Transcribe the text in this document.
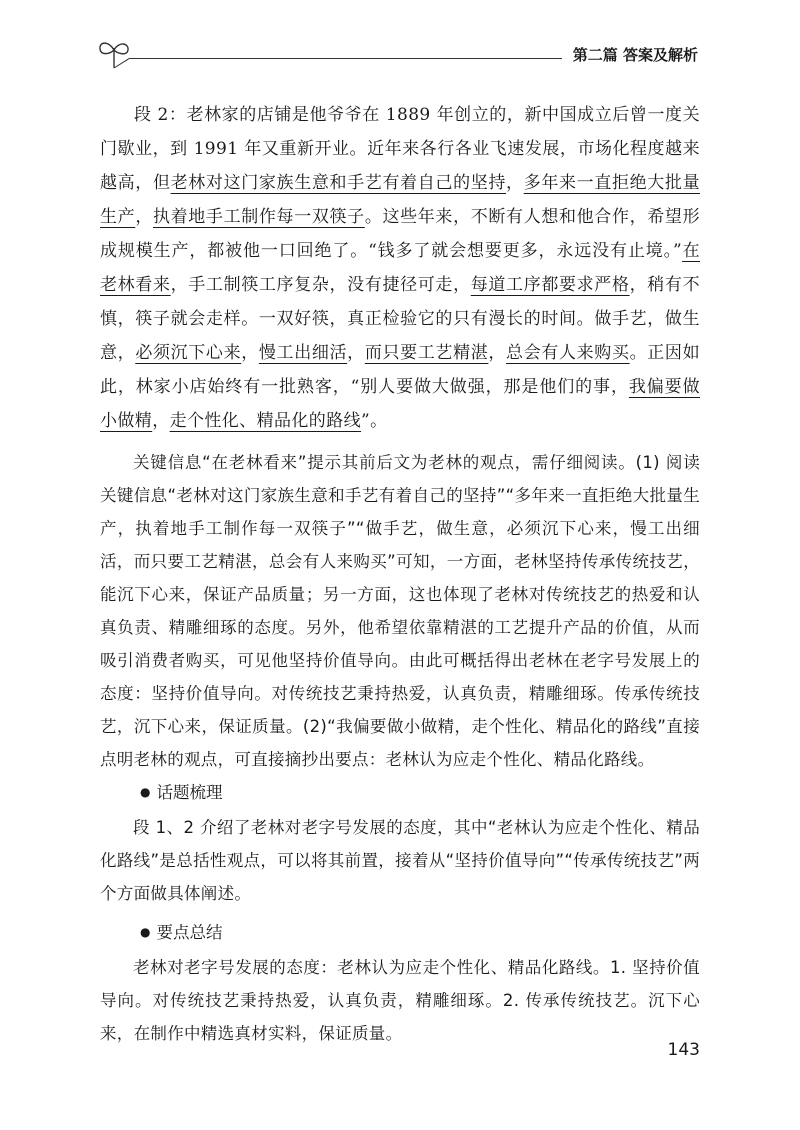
第二篇 答案及解析

段 2：老林家的店铺是他爷爷在 1889 年创立的，新中国成立后曾一度关门歇业，到 1991 年又重新开业。近年来各行各业飞速发展，市场化程度越来越高，但老林对这门家族生意和手艺有着自己的坚持，多年来一直拒绝大批量生产，执着地手工制作每一双筷子。这些年来，不断有人想和他合作，希望形成规模生产，都被他一口回绝了。“钱多了就会想要更多，永远没有止境。”在老林看来，手工制筷工序复杂，没有捷径可走，每道工序都要求严格，稍有不慎，筷子就会走样。一双好筷，真正检验它的只有漫长的时间。做手艺，做生意，必须沉下心来，慢工出细活，而只要工艺精湛，总会有人来购买。正因如此，林家小店始终有一批熟客，“别人要做大做强，那是他们的事，我偏要做小做精，走个性化、精品化的路线”。

关键信息“在老林看来”提示其前后文为老林的观点，需仔细阅读。(1) 阅读关键信息“老林对这门家族生意和手艺有着自己的坚持”“多年来一直拒绝大批量生产，执着地手工制作每一双筷子”“做手艺，做生意，必须沉下心来，慢工出细活，而只要工艺精湛，总会有人来购买”可知，一方面，老林坚持传承传统技艺，能沉下心来，保证产品质量；另一方面，这也体现了老林对传统技艺的热爱和认真负责、精雕细琢的态度。另外，他希望依靠精湛的工艺提升产品的价值，从而吸引消费者购买，可见他坚持价值导向。由此可概括得出老林在老字号发展上的态度：坚持价值导向。对传统技艺秉持热爱，认真负责，精雕细琢。传承传统技艺，沉下心来，保证质量。(2)“我偏要做小做精，走个性化、精品化的路线”直接点明老林的观点，可直接摘抄出要点：老林认为应走个性化、精品化路线。

● 话题梳理

段 1、2 介绍了老林对老字号发展的态度，其中“老林认为应走个性化、精品化路线”是总括性观点，可以将其前置，接着从“坚持价值导向”“传承传统技艺”两个方面做具体阐述。

● 要点总结

老林对老字号发展的态度：老林认为应走个性化、精品化路线。1. 坚持价值导向。对传统技艺秉持热爱，认真负责，精雕细琢。2. 传承传统技艺。沉下心来，在制作中精选真材实料，保证质量。

143
